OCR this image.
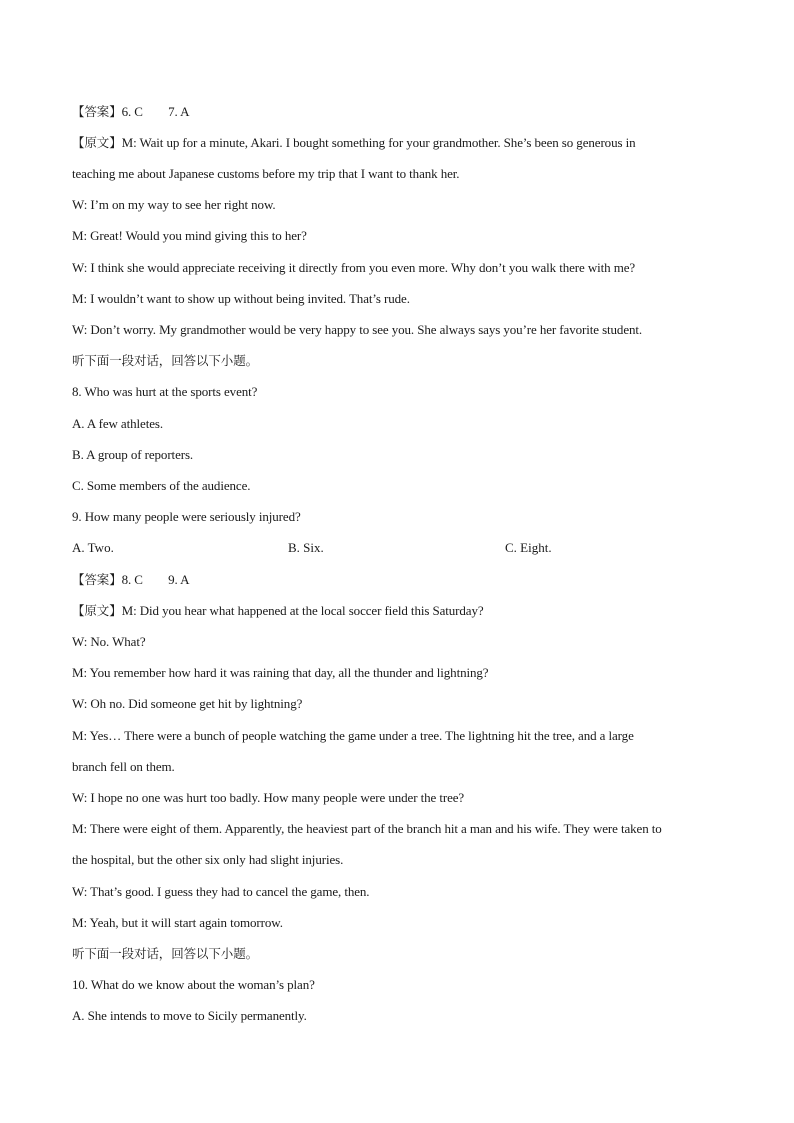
【答案】6. C        7. A
【原文】M: Wait up for a minute, Akari. I bought something for your grandmother. She’s been so generous in
teaching me about Japanese customs before my trip that I want to thank her.
W: I’m on my way to see her right now.
M: Great! Would you mind giving this to her?
W: I think she would appreciate receiving it directly from you even more. Why don’t you walk there with me?
M: I wouldn’t want to show up without being invited. That’s rude.
W: Don’t worry. My grandmother would be very happy to see you. She always says you’re her favorite student.
听下面一段对话，回答以下小题。
8. Who was hurt at the sports event?
A. A few athletes.
B. A group of reporters.
C. Some members of the audience.
9. How many people were seriously injured?
A. Two.	B. Six.	C. Eight.
【答案】8. C        9. A
【原文】M: Did you hear what happened at the local soccer field this Saturday?
W: No. What?
M: You remember how hard it was raining that day, all the thunder and lightning?
W: Oh no. Did someone get hit by lightning?
M: Yes… There were a bunch of people watching the game under a tree. The lightning hit the tree, and a large
branch fell on them.
W: I hope no one was hurt too badly. How many people were under the tree?
M: There were eight of them. Apparently, the heaviest part of the branch hit a man and his wife. They were taken to
the hospital, but the other six only had slight injuries.
W: That’s good. I guess they had to cancel the game, then.
M: Yeah, but it will start again tomorrow.
听下面一段对话，回答以下小题。
10. What do we know about the woman’s plan?
A. She intends to move to Sicily permanently.
